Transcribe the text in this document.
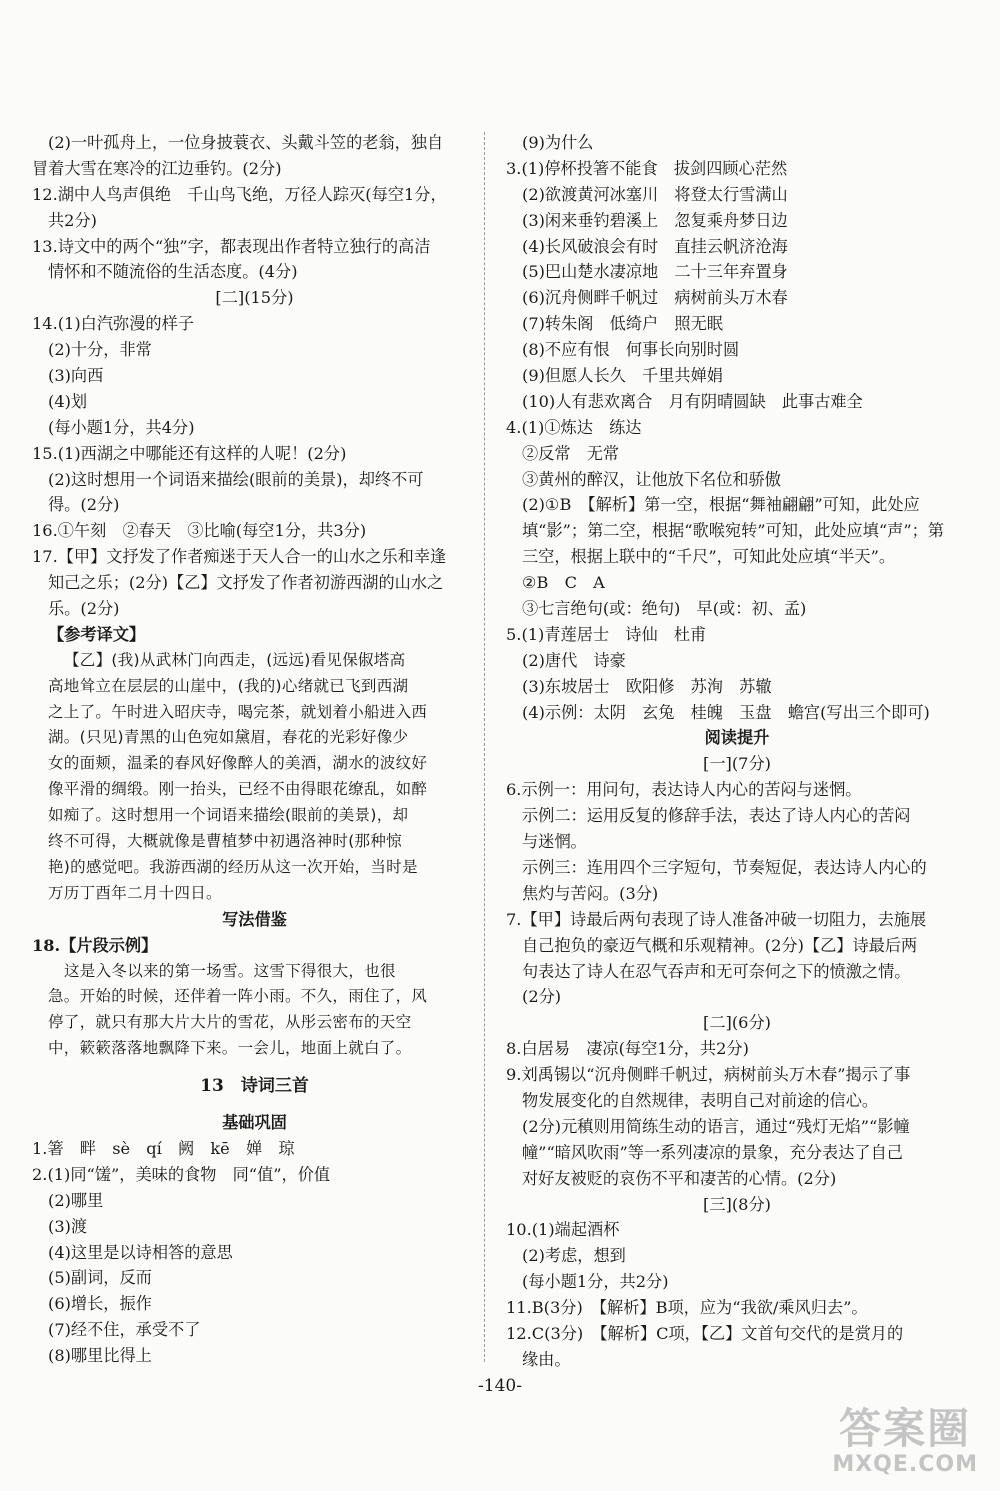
(2)一叶孤舟上，一位身披蓑衣、头戴斗笠的老翁，独自
冒着大雪在寒冷的江边垂钓。(2分)
12.湖中人鸟声俱绝　千山鸟飞绝，万径人踪灭(每空1分，
共2分)
13.诗文中的两个“独”字，都表现出作者特立独行的高洁
情怀和不随流俗的生活态度。(4分)
[二](15分)
14.(1)白汽弥漫的样子
(2)十分，非常
(3)向西
(4)划
(每小题1分，共4分)
15.(1)西湖之中哪能还有这样的人呢！(2分)
(2)这时想用一个词语来描绘(眼前的美景)，却终不可
得。(2分)
16.①午刻　②春天　③比喻(每空1分，共3分)
17.【甲】文抒发了作者痴迷于天人合一的山水之乐和幸逢
知己之乐；(2分)【乙】文抒发了作者初游西湖的山水之
乐。(2分)
【参考译文】
【乙】(我)从武林门向西走，(远远)看见保俶塔高
高地耸立在层层的山崖中，(我的)心绪就已飞到西湖
之上了。午时进入昭庆寺，喝完茶，就划着小船进入西
湖。(只见)青黑的山色宛如黛眉，春花的光彩好像少
女的面颊，温柔的春风好像醉人的美酒，湖水的波纹好
像平滑的绸缎。刚一抬头，已经不由得眼花缭乱，如醉
如痴了。这时想用一个词语来描绘(眼前的美景)，却
终不可得，大概就像是曹植梦中初遇洛神时(那种惊
艳)的感觉吧。我游西湖的经历从这一次开始，当时是
万历丁酉年二月十四日。
写法借鉴
18.【片段示例】
这是入冬以来的第一场雪。这雪下得很大，也很
急。开始的时候，还伴着一阵小雨。不久，雨住了，风
停了，就只有那大片大片的雪花，从彤云密布的天空
中，簌簌落落地飘降下来。一会儿，地面上就白了。
13　诗词三首
基础巩固
1.箸　畔　sè　qí　阙　kē　婵　琼
2.(1)同“馐”，美味的食物　同“值”，价值
(2)哪里
(3)渡
(4)这里是以诗相答的意思
(5)副词，反而
(6)增长，振作
(7)经不住，承受不了
(8)哪里比得上
(9)为什么
3.(1)停杯投箸不能食　拔剑四顾心茫然
(2)欲渡黄河冰塞川　将登太行雪满山
(3)闲来垂钓碧溪上　忽复乘舟梦日边
(4)长风破浪会有时　直挂云帆济沧海
(5)巴山楚水凄凉地　二十三年弃置身
(6)沉舟侧畔千帆过　病树前头万木春
(7)转朱阁　低绮户　照无眠
(8)不应有恨　何事长向别时圆
(9)但愿人长久　千里共婵娟
(10)人有悲欢离合　月有阴晴圆缺　此事古难全
4.(1)①炼达　练达
②反常　无常
③黄州的醉汉，让他放下名位和骄傲
(2)①B　【解析】第一空，根据“舞袖翩翩”可知，此处应
填“影”；第二空，根据“歌喉宛转”可知，此处应填“声”；第
三空，根据上联中的“千尺”，可知此处应填“半天”。
②B　C　A
③七言绝句(或：绝句)　早(或：初、孟)
5.(1)青莲居士　诗仙　杜甫
(2)唐代　诗豪
(3)东坡居士　欧阳修　苏洵　苏辙
(4)示例：太阴　玄兔　桂魄　玉盘　蟾宫(写出三个即可)
阅读提升
[一](7分)
6.示例一：用问句，表达诗人内心的苦闷与迷惘。
示例二：运用反复的修辞手法，表达了诗人内心的苦闷
与迷惘。
示例三：连用四个三字短句，节奏短促，表达诗人内心的
焦灼与苦闷。(3分)
7.【甲】诗最后两句表现了诗人准备冲破一切阻力，去施展
自己抱负的豪迈气概和乐观精神。(2分)【乙】诗最后两
句表达了诗人在忍气吞声和无可奈何之下的愤激之情。
(2分)
[二](6分)
8.白居易　凄凉(每空1分，共2分)
9.刘禹锡以“沉舟侧畔千帆过，病树前头万木春”揭示了事
物发展变化的自然规律，表明自己对前途的信心。
(2分)元稹则用简练生动的语言，通过“残灯无焰”“影幢
幢”“暗风吹雨”等一系列凄凉的景象，充分表达了自己
对好友被贬的哀伤不平和凄苦的心情。(2分)
[三](8分)
10.(1)端起酒杯
(2)考虑，想到
(每小题1分，共2分)
11.B(3分)　【解析】B项，应为“我欲/乘风归去”。
12.C(3分)　【解析】C项，【乙】文首句交代的是赏月的
缘由。
-140-
答案圈
MXQE.COM
